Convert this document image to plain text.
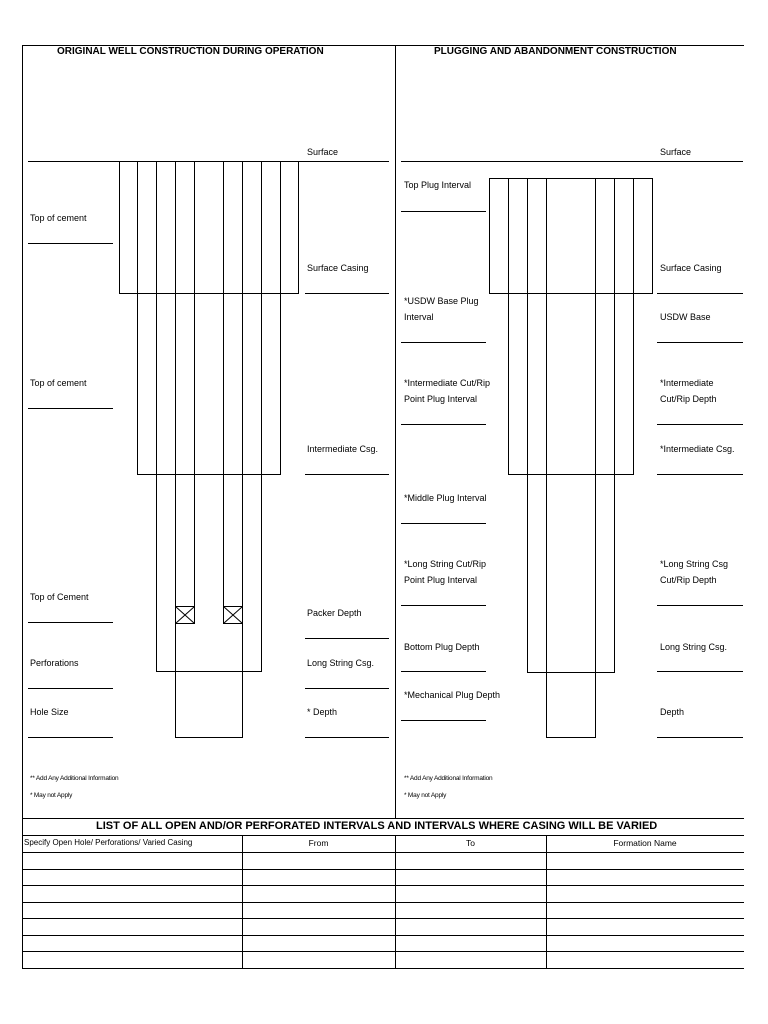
ORIGINAL WELL CONSTRUCTION DURING OPERATION	PLUGGING AND ABANDONMENT CONSTRUCTION
Top of cement
Top of cement
Top of Cement
Perforations
Hole Size
Surface
Surface Casing
Intermediate Csg.
Packer Depth
Long String Csg.
* Depth
** Add Any Additional Information
* May not Apply
Top Plug Interval
*USDW Base Plug
Interval
*Intermediate Cut/Rip
Point Plug Interval
*Middle Plug Interval
*Long String Cut/Rip
Point Plug Interval
Bottom Plug Depth
*Mechanical Plug Depth
Surface
Surface Casing
USDW Base
*Intermediate
Cut/Rip Depth
*Intermediate Csg.
*Long String Csg
Cut/Rip Depth
Long String Csg.
Depth
** Add Any Additional Information
* May not Apply
LIST OF ALL OPEN AND/OR PERFORATED INTERVALS AND INTERVALS WHERE CASING WILL BE VARIED
Specify Open Hole/ Perforations/ Varied Casing	From	To	Formation Name
